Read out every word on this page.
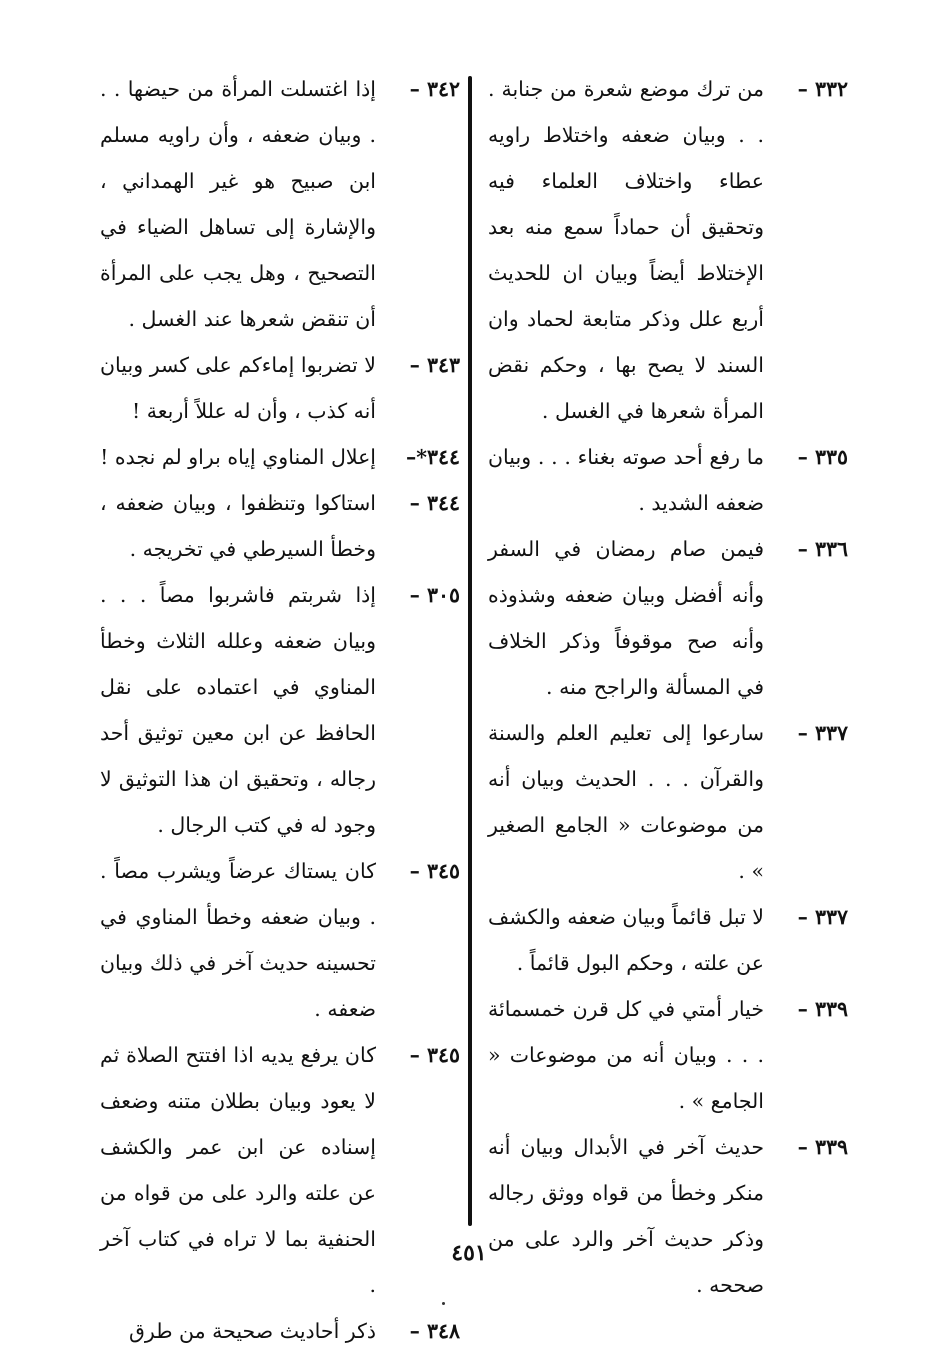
٣٣٢ –
من ترك موضع شعرة من جنابة . . . وبيان ضعفه واختلاط راويه عطاء واختلاف العلماء فيه وتحقيق أن حماداً سمع منه بعد الإختلاط أيضاً وبيان ان للحديث أربع علل وذكر متابعة لحماد وان السند لا يصح بها ، وحكم نقض المرأة شعرها في الغسل .
٣٣٥ –
ما رفع أحد صوته بغناء . . . وبيان ضعفه الشديد .
٣٣٦ –
فيمن صام رمضان في السفر وأنه أفضل وبيان ضعفه وشذوذه وأنه صح موقوفاً وذكر الخلاف في المسألة والراجح منه .
٣٣٧ –
سارعوا إلى تعليم العلم والسنة والقرآن . . . الحديث وبيان أنه من موضوعات « الجامع الصغير » .
٣٣٧ –
لا تبل قائماً وبيان ضعفه والكشف عن علته ، وحكم البول قائماً .
٣٣٩ –
خيار أمتي في كل قرن خمسمائة . . . وبيان أنه من موضوعات « الجامع » .
٣٣٩ –
حديث آخر في الأبدال وبيان أنه منكر وخطأ من قواه ووثق رجاله وذكر حديث آخر والرد على من صححه .
٣٤٢ –
إذا اغتسلت المرأة من حيضها . . . وبيان ضعفه ، وأن راويه مسلم ابن صبيح هو غير الهمداني ، والإشارة إلى تساهل الضياء في التصحيح ، وهل يجب على المرأة أن تنقض شعرها عند الغسل .
٣٤٣ –
لا تضربوا إماءكم على كسر وبيان أنه كذب ، وأن له عللاً أربعة !
٣٤٤*–
إعلال المناوي إياه براو لم نجده !
٣٤٤ –
استاكوا وتنظفوا ، وبيان ضعفه ، وخطأ السيرطي في تخريجه .
٣٠٥ –
إذا شربتم فاشربوا مصاً . . . وبيان ضعفه وعلله الثلاث وخطأ المناوي في اعتماده على نقل الحافظ عن ابن معين توثيق أحد رجاله ، وتحقيق ان هذا التوثيق لا وجود له في كتب الرجال .
٣٤٥ –
كان يستاك عرضاً ويشرب مصاً . . وبيان ضعفه وخطأ المناوي في تحسينه حديث آخر في ذلك وبيان ضعفه .
٣٤٥ –
كان يرفع يديه اذا افتتح الصلاة ثم لا يعود وبيان بطلان متنه وضعف إسناده عن ابن عمر والكشف عن علته والرد على من قواه من الحنفية بما لا تراه في كتاب آخر .
٣٤٨ –
ذكر أحاديث صحيحة من طرق
٤٥١
